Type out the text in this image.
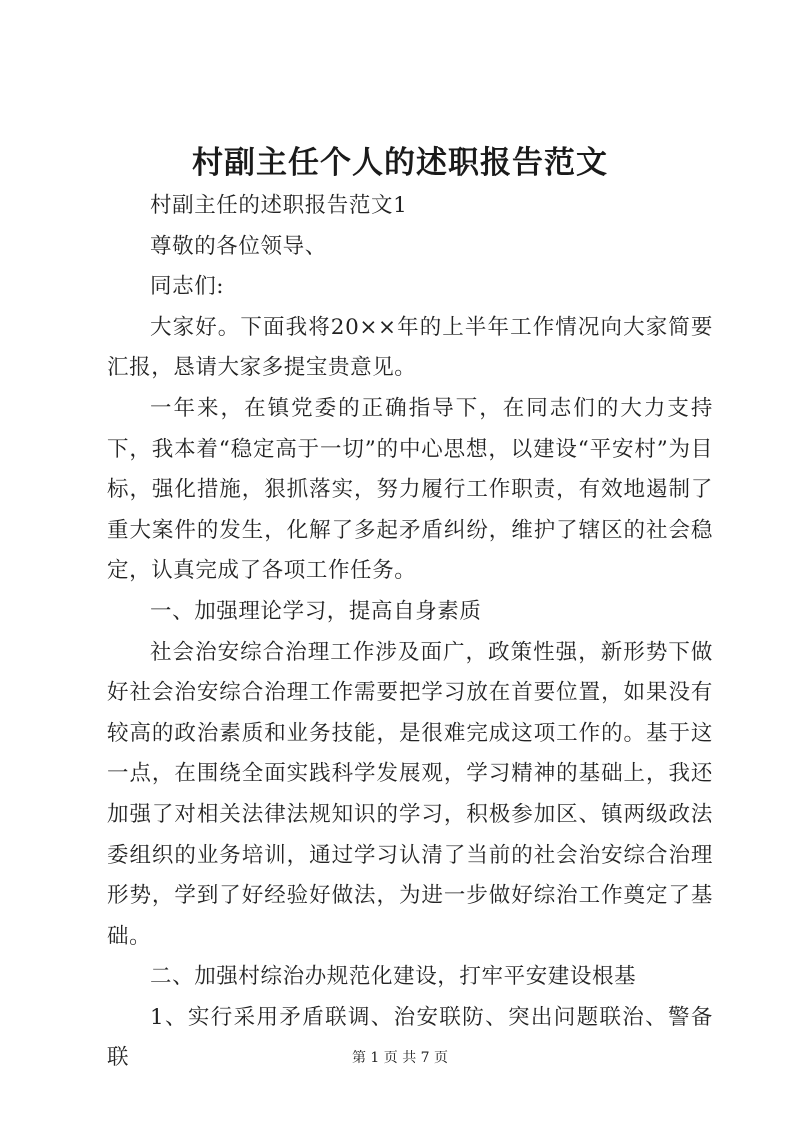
村副主任个人的述职报告范文

村副主任的述职报告范文1

尊敬的各位领导、

同志们:

大家好。下面我将20××年的上半年工作情况向大家简要汇报，恳请大家多提宝贵意见。

一年来，在镇党委的正确指导下，在同志们的大力支持下，我本着“稳定高于一切”的中心思想，以建设“平安村”为目标，强化措施，狠抓落实，努力履行工作职责，有效地遏制了重大案件的发生，化解了多起矛盾纠纷，维护了辖区的社会稳定，认真完成了各项工作任务。

一、加强理论学习，提高自身素质

社会治安综合治理工作涉及面广，政策性强，新形势下做好社会治安综合治理工作需要把学习放在首要位置，如果没有较高的政治素质和业务技能，是很难完成这项工作的。基于这一点，在围绕全面实践科学发展观，学习精神的基础上，我还加强了对相关法律法规知识的学习，积极参加区、镇两级政法委组织的业务培训，通过学习认清了当前的社会治安综合治理形势，学到了好经验好做法，为进一步做好综治工作奠定了基础。

二、加强村综治办规范化建设，打牢平安建设根基

1、实行采用矛盾联调、治安联防、突出问题联治、警备联	第 1 页 共 7 页
